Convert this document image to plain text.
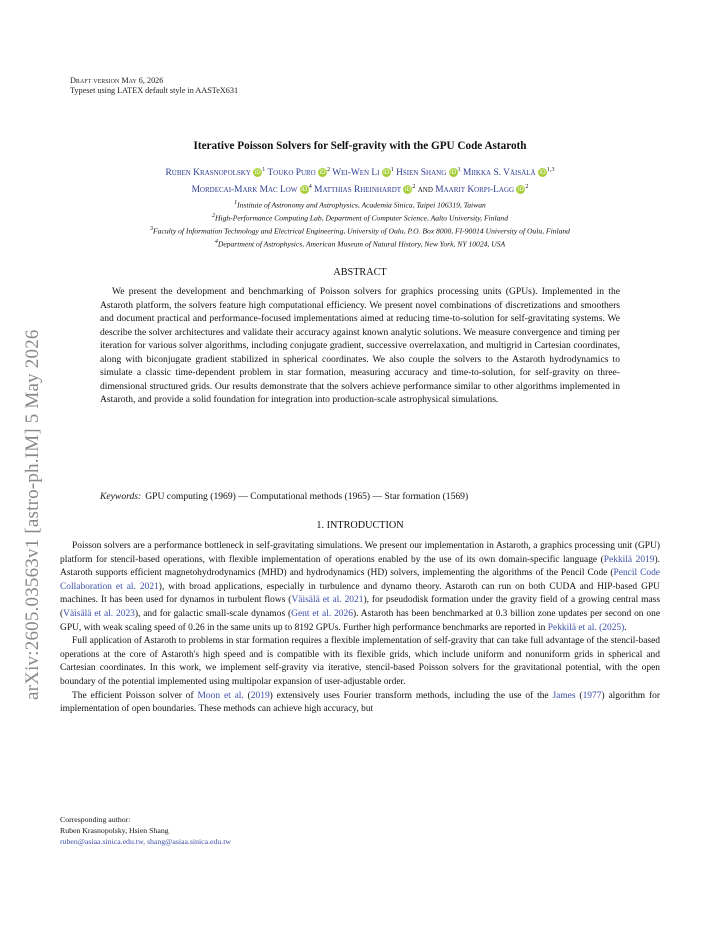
arXiv:2605.03563v1 [astro-ph.IM] 5 May 2026
Draft version May 6, 2026
Typeset using LATEX default style in AASTeX631
Iterative Poisson Solvers for Self-gravity with the GPU Code Astaroth
Ruben Krasnopolsky $iD^1$ Touko Puro $iD^2$ Wei-Wen Li $iD^1$ Hsien Shang $iD^1$ Miikka S. Väisälä iD$^{1,3}$
Mordecai-Mark Mac Low $iD^4$ Matthias Rheinhardt $iD^2$ and Maarit Korpi-Lagg $iD^2$
$^1$Institute of Astronomy and Astrophysics, Academia Sinica, Taipei 106319, Taiwan
$^2$High-Performance Computing Lab, Department of Computer Science, Aalto University, Finland
$^3$Faculty of Information Technology and Electrical Engineering, University of Oulu, P.O. Box 8000, FI-90014 University of Oulu, Finland
$^4$Department of Astrophysics, American Museum of Natural History, New York, NY 10024, USA
ABSTRACT
We present the development and benchmarking of Poisson solvers for graphics processing units (GPUs). Implemented in the Astaroth platform, the solvers feature high computational efficiency. We present novel combinations of discretizations and smoothers and document practical and performance-focused implementations aimed at reducing time-to-solution for self-gravitating systems. We describe the solver architectures and validate their accuracy against known analytic solutions. We measure convergence and timing per iteration for various solver algorithms, including conjugate gradient, successive overrelaxation, and multigrid in Cartesian coordinates, along with biconjugate gradient stabilized in spherical coordinates. We also couple the solvers to the Astaroth hydrodynamics to simulate a classic time-dependent problem in star formation, measuring accuracy and time-to-solution, for self-gravity on three-dimensional structured grids. Our results demonstrate that the solvers achieve performance similar to other algorithms implemented in Astaroth, and provide a solid foundation for integration into production-scale astrophysical simulations.
Keywords: GPU computing (1969) — Computational methods (1965) — Star formation (1569)
1. INTRODUCTION

Poisson solvers are a performance bottleneck in self-gravitating simulations. We present our implementation in Astaroth, a graphics processing unit (GPU) platform for stencil-based operations, with flexible implementation of operations enabled by the use of its own domain-specific language (Pekkilä 2019). Astaroth supports efficient magnetohydrodynamics (MHD) and hydrodynamics (HD) solvers, implementing the algorithms of the Pencil Code (Pencil Code Collaboration et al. 2021), with broad applications, especially in turbulence and dynamo theory. Astaroth can run on both CUDA and HIP-based GPU machines. It has been used for dynamos in turbulent flows (Väisälä et al. 2021), for pseudodisk formation under the gravity field of a growing central mass (Väisälä et al. 2023), and for galactic small-scale dynamos (Gent et al. 2026). Astaroth has been benchmarked at 0.3 billion zone updates per second on one GPU, with weak scaling speed of 0.26 in the same units up to 8192 GPUs. Further high performance benchmarks are reported in Pekkilä et al. (2025).

Full application of Astaroth to problems in star formation requires a flexible implementation of self-gravity that can take full advantage of the stencil-based operations at the core of Astaroth's high speed and is compatible with its flexible grids, which include uniform and nonuniform grids in spherical and Cartesian coordinates. In this work, we implement self-gravity via iterative, stencil-based Poisson solvers for the gravitational potential, with the open boundary of the potential implemented using multipolar expansion of user-adjustable order.

The efficient Poisson solver of Moon et al. (2019) extensively uses Fourier transform methods, including the use of the James (1977) algorithm for implementation of open boundaries. These methods can achieve high accuracy, but

Corresponding author:
Ruben Krasnopolsky, Hsien Shang
ruben@asiaa.sinica.edu.tw, shang@asiaa.sinica.edu.tw
